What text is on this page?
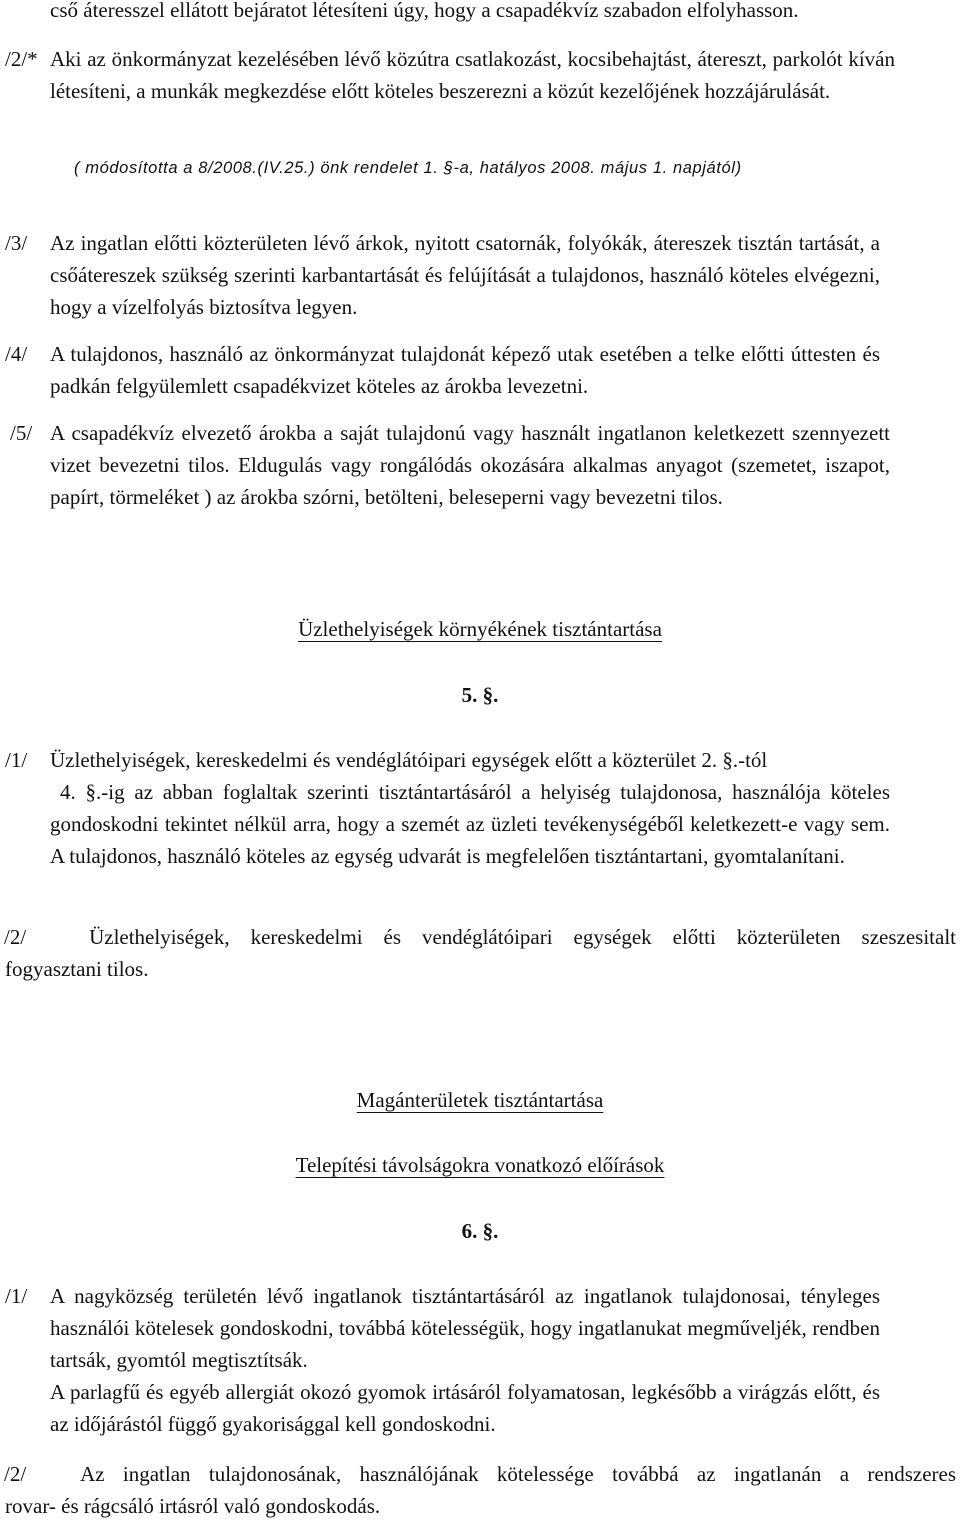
cső áteresszel ellátott bejáratot létesíteni úgy, hogy a csapadékvíz szabadon elfolyhasson.
/2/* Aki az önkormányzat kezelésében lévő közútra csatlakozást, kocsibehajtást, átereszt, parkolót kíván létesíteni, a munkák megkezdése előtt köteles beszerezni a közút kezelőjének hozzájárulását.
( módosította a 8/2008.(IV.25.) önk rendelet 1. §-a, hatályos 2008. május 1. napjától)
/3/ Az ingatlan előtti közterületen lévő árkok, nyitott csatornák, folyókák, átereszek tisztán tartását, a csőátereszek szükség szerinti karbantartását és felújítását a tulajdonos, használó köteles elvégezni, hogy a vízelfolyás biztosítva legyen.
/4/ A tulajdonos, használó az önkormányzat tulajdonát képező utak esetében a telke előtti úttesten és padkán felgyülemlett csapadékvizet köteles az árokba levezetni.
/5/ A csapadékvíz elvezető árokba a saját tulajdonú vagy használt ingatlanon keletkezett szennyezett vizet bevezetni tilos. Eldugulás vagy rongálódás okozására alkalmas anyagot (szemetet, iszapot, papírt, törmeléket ) az árokba szórni, betölteni, beleseperni vagy bevezetni tilos.
Üzlethelyiségek környékének tisztántartása
5. §.
/1/ Üzlethelyiségek, kereskedelmi és vendéglátóipari egységek előtt a közterület 2. §.-tól
4. §.-ig az abban foglaltak szerinti tisztántartásáról a helyiség tulajdonosa, használója köteles gondoskodni tekintet nélkül arra, hogy a szemét az üzleti tevékenységéből keletkezett-e vagy sem. A tulajdonos, használó köteles az egység udvarát is megfelelően tisztántartani, gyomtalanítani.
/2/	Üzlethelyiségek, kereskedelmi és vendéglátóipari egységek előtti közterületen szeszesitalt
fogyasztani tilos.
Magánterületek tisztántartása
Telepítési távolságokra vonatkozó előírások
6. §.
/1/ A nagyközség területén lévő ingatlanok tisztántartásáról az ingatlanok tulajdonosai, tényleges használói kötelesek gondoskodni, továbbá kötelességük, hogy ingatlanukat megműveljék, rendben tartsák, gyomtól megtisztítsák.
A parlagfű és egyéb allergiát okozó gyomok irtásáról folyamatosan, legkésőbb a virágzás előtt, és az időjárástól függő gyakorisággal kell gondoskodni.
/2/	Az ingatlan tulajdonosának, használójának kötelessége továbbá az ingatlanán a rendszeres
rovar- és rágcsáló irtásról való gondoskodás.
